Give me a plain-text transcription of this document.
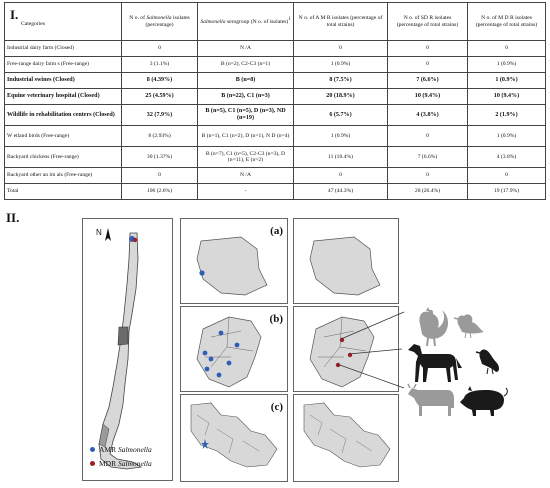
Categories	N o. of Salmonella isolates (percentage)	Salmonella serogroup (N o. of isolates)$^1$	N o. of A M R isolates (percentage of total strains)	N o. of SD R isolates (percentage of total strains)	N o. of M D R isolates (percentage of total strains)
Industrial dairy farm (Closed)	0	N /A	0	0	0
Free-range dairy farm s (Free-range)	3 (1.1%)	B (n=2), C2-C3 (n=1)	1 (0.9%)	0	1 (0.9%)
Industrial swines (Closed)	8 (4.39%)	B (n=8)	8 (7.5%)	7 (6.6%)	1 (0.9%)
Equine veterinary hospital (Closed)	25 (4.59%)	B (n=22), C1 (n=3)	20 (18.9%)	10 (9.4%)	10 (9.4%)
Wildlife in rehabilitation centers (Closed)	32 (7.9%)	B (n=5), C1 (n=5), D (n=3), ND (n=19)	6 (5.7%)	4 (3.8%)	2 (1.9%)
W etland birds (Free-range)	8 (2.93%)	B (n=1), C1 (n=2), D (n=1), N D (n=4)	1 (0.9%)	0	1 (0.9%)
Backyard chickens (Free-range)	30 (1.37%)	B (n=7), C1 (n=5), C2-C3 (n=3), D (n=11), E (n=2)	11 (10.4%)	7 (6.6%)	4 (3.8%)
Backyard other an im als (Free-range)	0	N /A	0	0	0
Total	106 (2.6%)	-	47 (44.3%)	28 (26.4%)	19 (17.9%)
I.
II.
N
AMR Salmonella
MDR Salmonella
(a)
(b)
(c)
